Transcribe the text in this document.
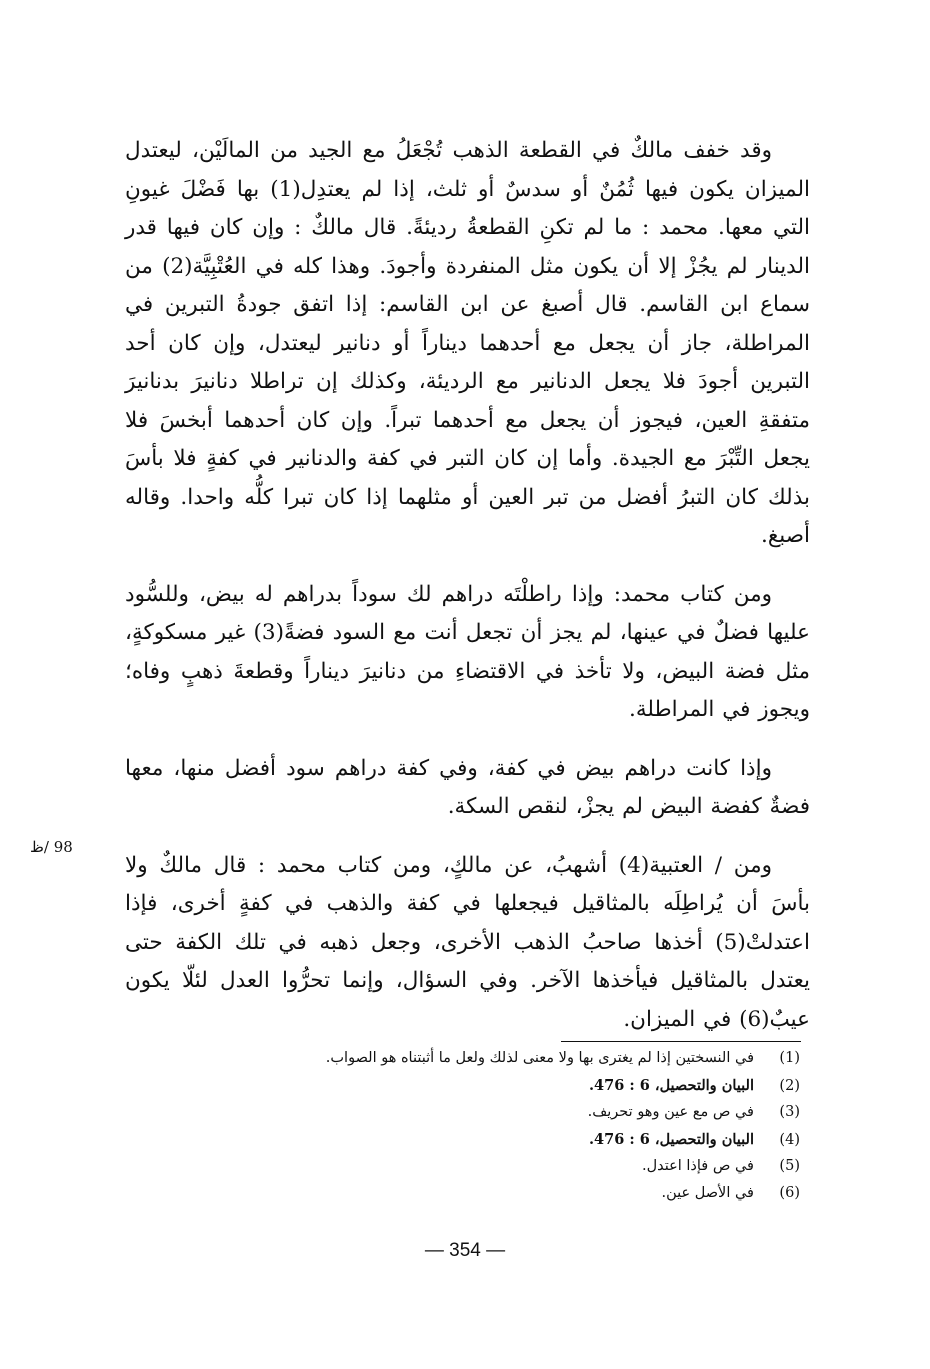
وقد خفف مالكٌ في القطعة الذهب تُجْعَلُ مع الجيد من المالَيْن، ليعتدل الميزان يكون فيها ثُمُنٌ أو سدسٌ أو ثلث، إذا لم يعتدِل(1) بها فَضْلَ غيونِ التي معها. محمد : ما لم تكنِ القطعةُ رديئةً. قال مالكٌ : وإن كان فيها قدر الدينار لم يجُزْ إلا أن يكون مثل المنفردة وأجودَ. وهذا كله في العُتْبِيَّة(2) من سماع ابن القاسم. قال أصبغ عن ابن القاسم: إذا اتفق جودةُ التبرين في المراطلة، جاز أن يجعل مع أحدهما ديناراً أو دنانير ليعتدل، وإن كان أحد التبرين أجودَ فلا يجعل الدنانير مع الرديئة، وكذلك إن تراطلا دنانيرَ بدنانيرَ متفقةِ العين، فيجوز أن يجعل مع أحدهما تبراً. وإن كان أحدهما أبخسَ فلا يجعل التِّبْرَ مع الجيدة. وأما إن كان التبر في كفة والدنانير في كفةٍ فلا بأسَ بذلك كان التبرُ أفضل من تبر العين أو مثلهما إذا كان تبرا كلُّه واحدا. وقاله أصبغ.

ومن كتاب محمد: وإذا راطلْتَه دراهم لك سوداً بدراهم له بيض، وللسُّود عليها فضلٌ في عينها، لم يجز أن تجعل أنت مع السود فضةً(3) غير مسكوكةٍ، مثل فضة البيض، ولا تأخذ في الاقتضاءِ من دنانيرَ ديناراً وقطعةَ ذهبٍ وفاه؛ ويجوز في المراطلة.

وإذا كانت دراهم بيض في كفة، وفي كفة دراهم سود أفضل منها، معها فضةٌ كفضة البيض لم يجزْ، لنقص السكة.

ومن / العتبية(4) أشهبُ، عن مالكٍ، ومن كتاب محمد : قال مالكٌ ولا بأسَ أن يُراطِلَه بالمثاقيل فيجعلها في كفة والذهب في كفةٍ أخرى، فإذا اعتدلتْ(5) أخذها صاحبُ الذهب الأخرى، وجعل ذهبه في تلك الكفة حتى يعتدل بالمثاقيل فيأخذها الآخر. وفي السؤال، وإنما تحرُّوا العدل لئلّا يكون عيبٌ(6) في الميزان.

98 /ظ
(1)
في النسختين إذا لم يغترى بها ولا معنى لذلك ولعل ما أثبتناه هو الصواب.
(2)
البيان والتحصيل، 6 : 476.
(3)
في ص مع عين وهو تحريف.
(4)
البيان والتحصيل، 6 : 476.
(5)
في ص فإذا اعتدل.
(6)
في الأصل عين.
— 354 —
